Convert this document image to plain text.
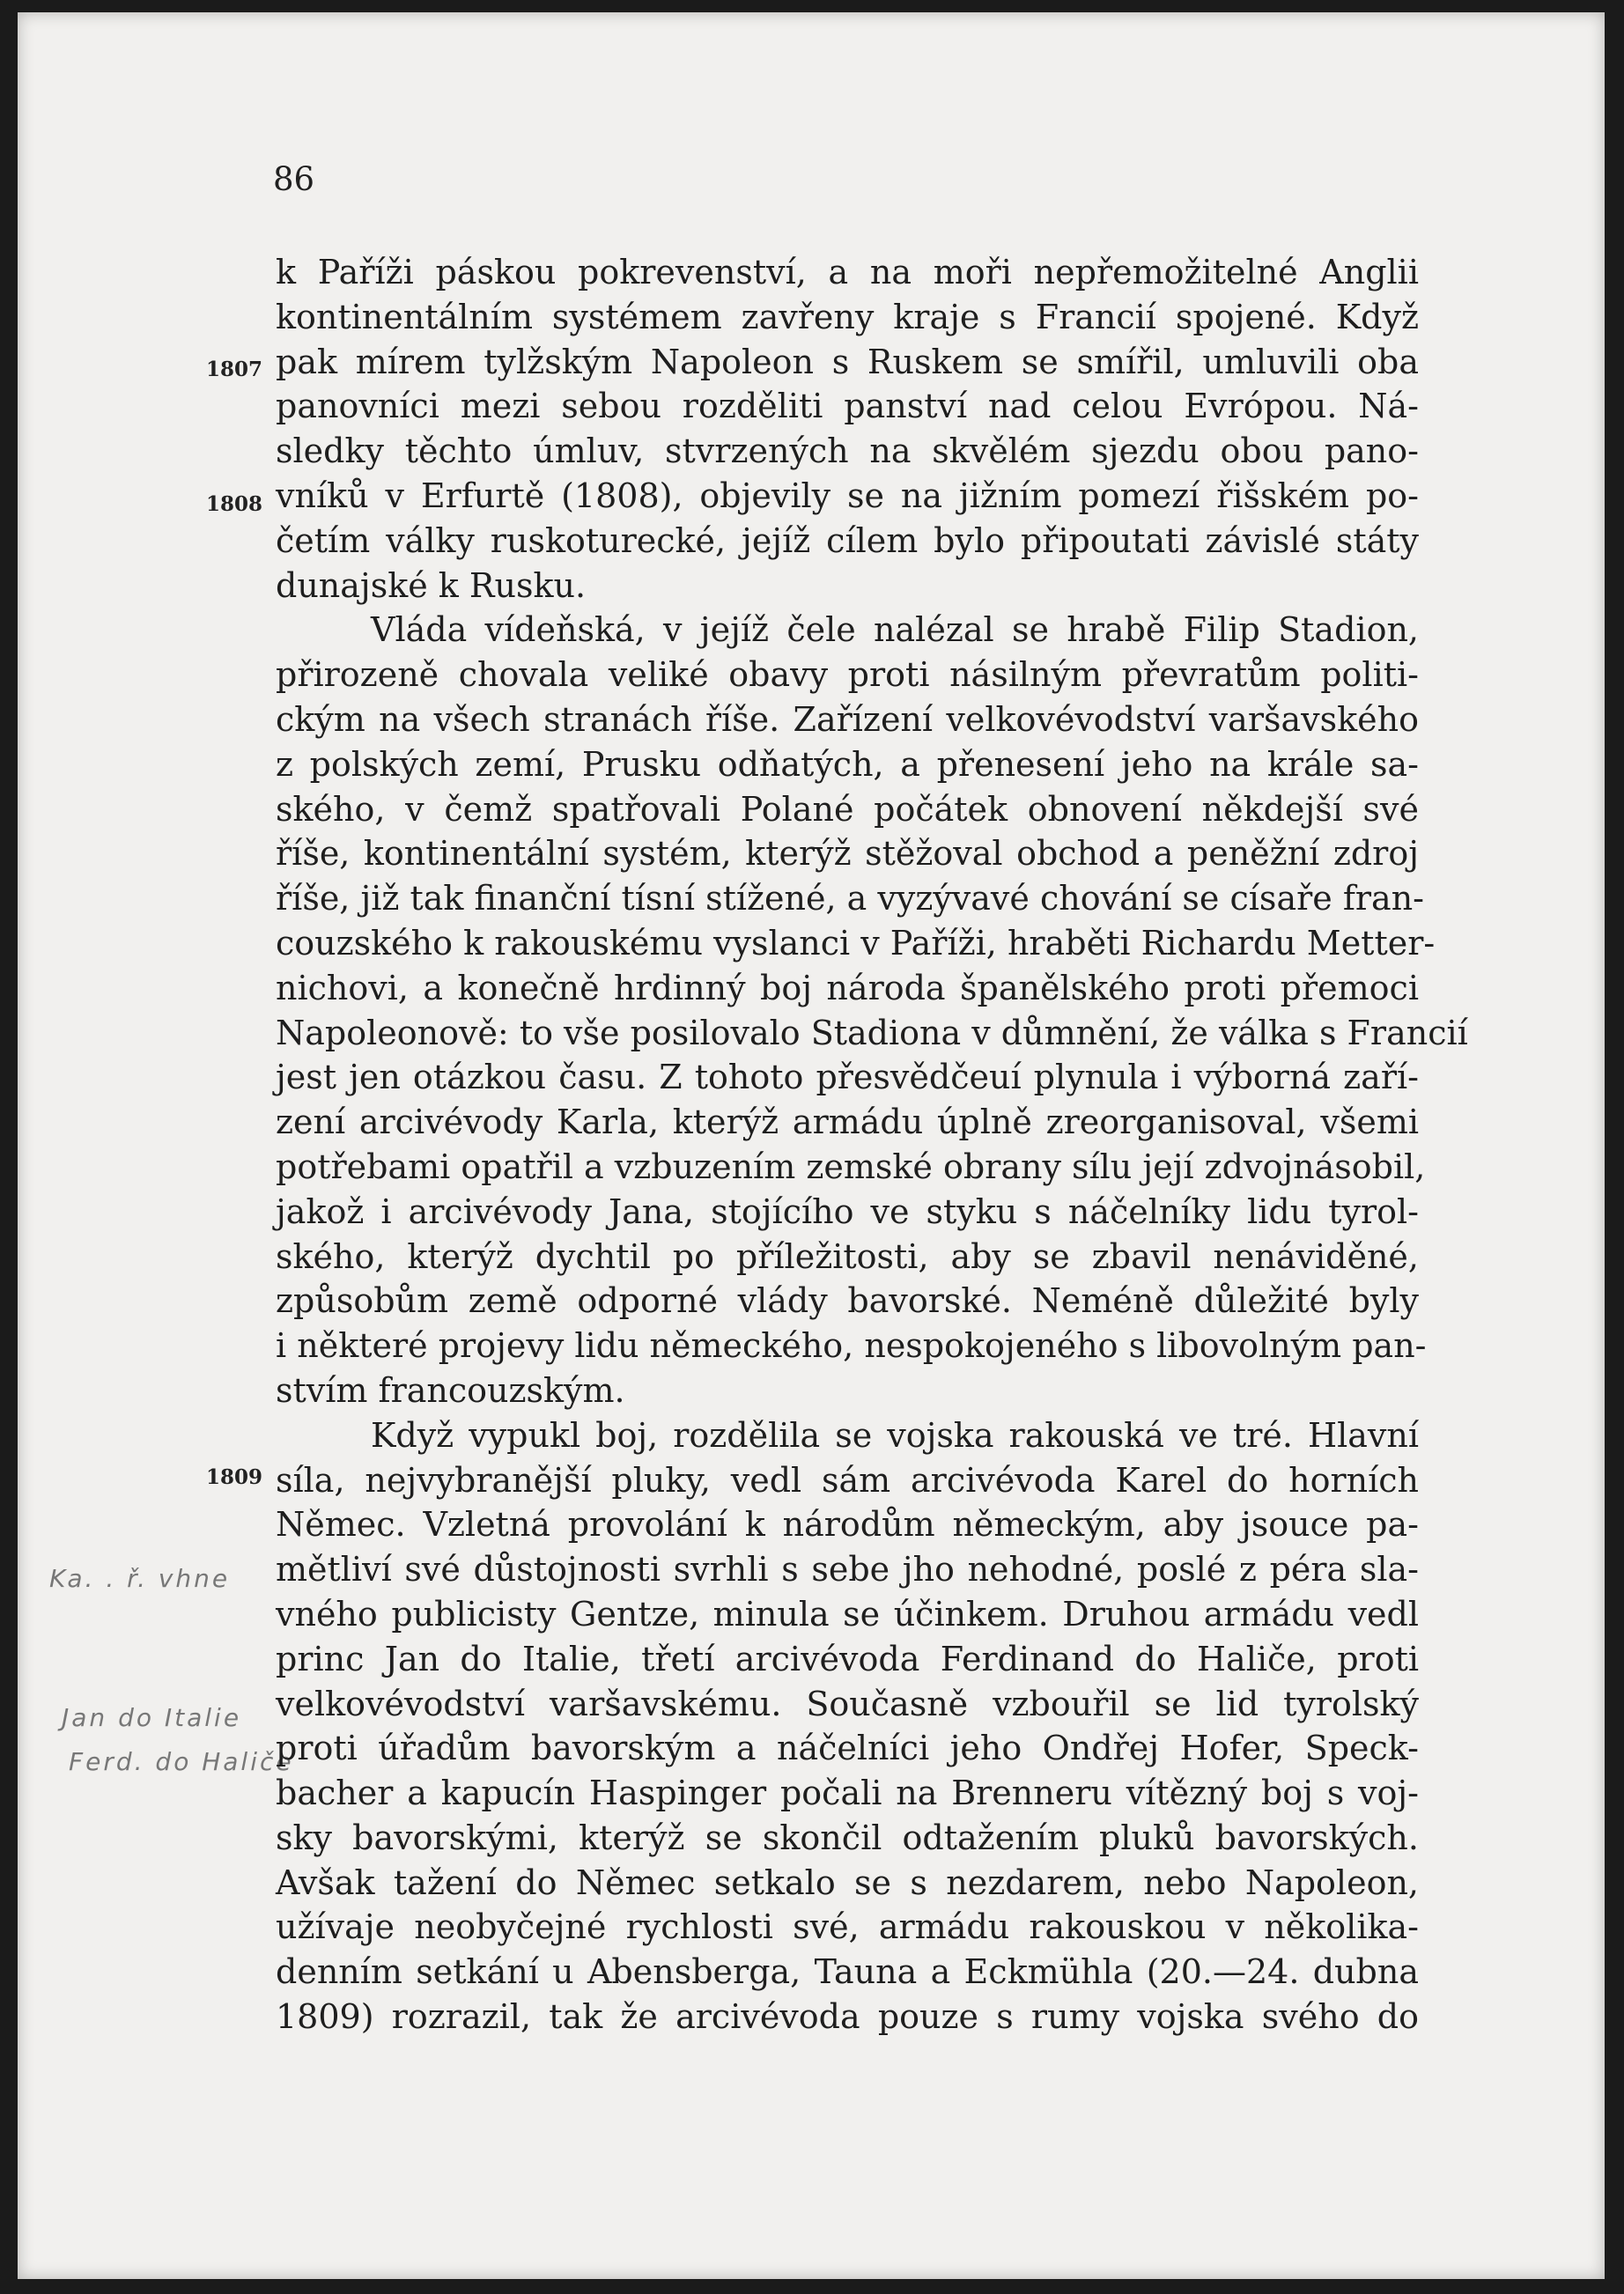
86
1807
1808
1809
Ka. . ř. vhne
Jan do Italie
Ferd. do Haliče
k Paříži páskou pokrevenství, a na moři nepřemožitelné Anglii
kontinentálním systémem zavřeny kraje s Francií spojené. Když
pak mírem tylžským Napoleon s Ruskem se smířil, umluvili oba
panovníci mezi sebou rozděliti panství nad celou Evrópou. Ná-
sledky těchto úmluv, stvrzených na skvělém sjezdu obou pano-
vníků v Erfurtě (1808), objevily se na jižním pomezí řišském po-
četím války ruskoturecké, jejíž cílem bylo připoutati závislé státy
dunajské k Rusku.
Vláda vídeňská, v jejíž čele nalézal se hrabě Filip Stadion,
přirozeně chovala veliké obavy proti násilným převratům politi-
ckým na všech stranách říše. Zařízení velkovévodství varšavského
z polských zemí, Prusku odňatých, a přenesení jeho na krále sa-
ského, v čemž spatřovali Polané počátek obnovení někdejší své
říše, kontinentální systém, kterýž stěžoval obchod a peněžní zdroj
říše, již tak finanční tísní stížené, a vyzývavé chování se císaře fran-
couzského k rakouskému vyslanci v Paříži, hraběti Richardu Metter-
nichovi, a konečně hrdinný boj národa španělského proti přemoci
Napoleonově: to vše posilovalo Stadiona v důmnění, že válka s Francií
jest jen otázkou času. Z tohoto přesvědčeuí plynula i výborná zaří-
zení arcivévody Karla, kterýž armádu úplně zreorganisoval, všemi
potřebami opatřil a vzbuzením zemské obrany sílu její zdvojnásobil,
jakož i arcivévody Jana, stojícího ve styku s náčelníky lidu tyrol-
ského, kterýž dychtil po příležitosti, aby se zbavil nenáviděné,
způsobům země odporné vlády bavorské. Neméně důležité byly
i některé projevy lidu německého, nespokojeného s libovolným pan-
stvím francouzským.
Když vypukl boj, rozdělila se vojska rakouská ve tré. Hlavní
síla, nejvybranější pluky, vedl sám arcivévoda Karel do horních
Němec. Vzletná provolání k národům německým, aby jsouce pa-
mětliví své důstojnosti svrhli s sebe jho nehodné, poslé z péra sla-
vného publicisty Gentze, minula se účinkem. Druhou armádu vedl
princ Jan do Italie, třetí arcivévoda Ferdinand do Haliče, proti
velkovévodství varšavskému. Současně vzbouřil se lid tyrolský
proti úřadům bavorským a náčelníci jeho Ondřej Hofer, Speck-
bacher a kapucín Haspinger počali na Brenneru vítězný boj s voj-
sky bavorskými, kterýž se skončil odtažením pluků bavorských.
Avšak tažení do Němec setkalo se s nezdarem, nebo Napoleon,
užívaje neobyčejné rychlosti své, armádu rakouskou v několika-
denním setkání u Abensberga, Tauna a Eckmühla (20.—24. dubna
1809) rozrazil, tak že arcivévoda pouze s rumy vojska svého do
